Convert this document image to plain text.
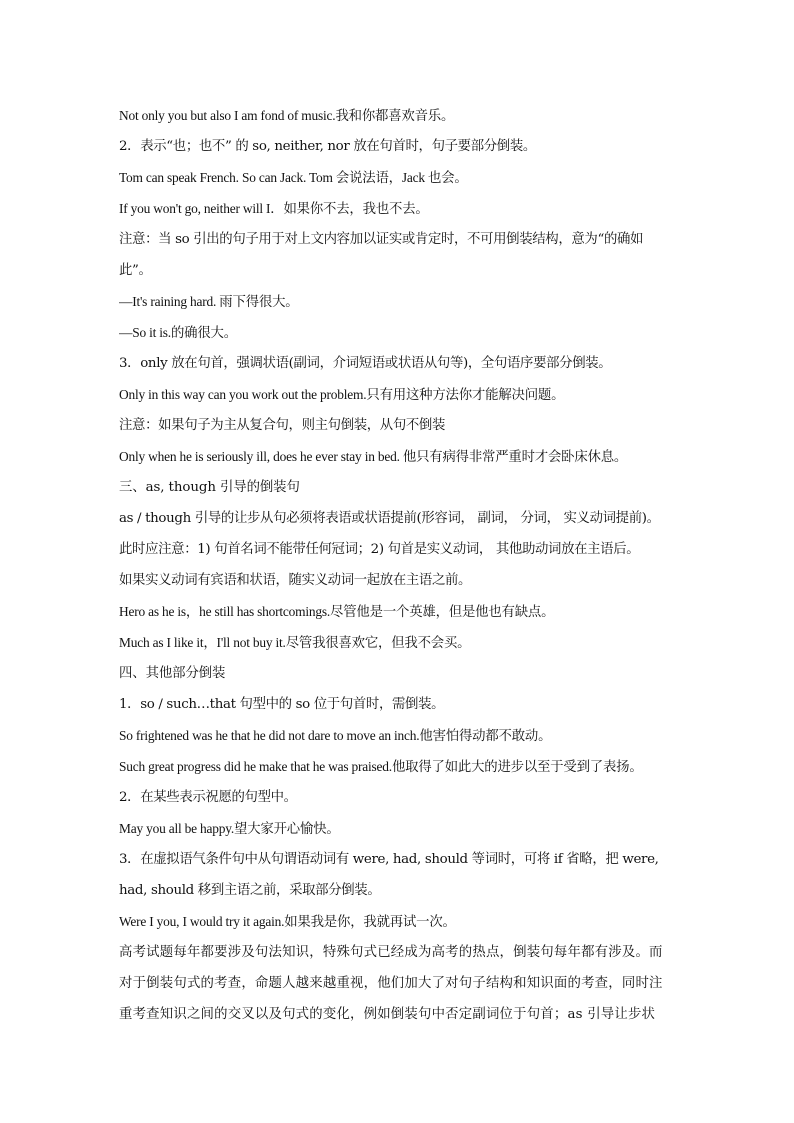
Not only you but also I am fond of music.我和你都喜欢音乐。
2．表示“也；也不” 的 so, neither, nor 放在句首时，句子要部分倒装。
Tom can speak French. So can Jack. Tom 会说法语，Jack 也会。
If you won't go, neither will I．如果你不去，我也不去。
注意：当 so 引出的句子用于对上文内容加以证实或肯定时，不可用倒装结构，意为“的确如
此”。
—It's raining hard. 雨下得很大。
—So it is.的确很大。
3．only 放在句首，强调状语(副词，介词短语或状语从句等)，全句语序要部分倒装。
Only in this way can you work out the problem.只有用这种方法你才能解决问题。
注意：如果句子为主从复合句，则主句倒装，从句不倒装
Only when he is seriously ill, does he ever stay in bed. 他只有病得非常严重时才会卧床休息。
三、as, though 引导的倒装句
as / though 引导的让步从句必须将表语或状语提前(形容词， 副词， 分词， 实义动词提前)。
此时应注意：1) 句首名词不能带任何冠词；2) 句首是实义动词， 其他助动词放在主语后。
如果实义动词有宾语和状语，随实义动词一起放在主语之前。
Hero as he is，he still has shortcomings.尽管他是一个英雄，但是他也有缺点。
Much as I like it，I'll not buy it.尽管我很喜欢它，但我不会买。
四、其他部分倒装
1．so / such…that 句型中的 so 位于句首时，需倒装。
So frightened was he that he did not dare to move an inch.他害怕得动都不敢动。
Such great progress did he make that he was praised.他取得了如此大的进步以至于受到了表扬。
2．在某些表示祝愿的句型中。
May you all be happy.望大家开心愉快。
3．在虚拟语气条件句中从句谓语动词有 were, had, should 等词时，可将 if 省略，把 were,
had, should 移到主语之前，采取部分倒装。
Were I you, I would try it again.如果我是你，我就再试一次。
高考试题每年都要涉及句法知识，特殊句式已经成为高考的热点，倒装句每年都有涉及。而
对于倒装句式的考查，命题人越来越重视，他们加大了对句子结构和知识面的考查，同时注
重考查知识之间的交叉以及句式的变化，例如倒装句中否定副词位于句首；as 引导让步状
